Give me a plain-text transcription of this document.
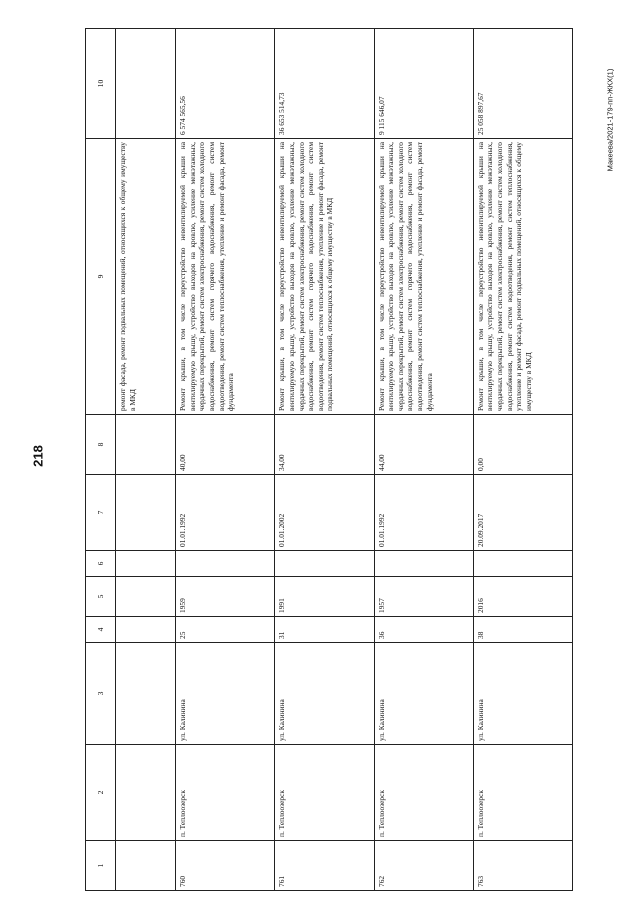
218
Макеева/2021-179-пп-ЖКХ(1)
1	2	3	4	5	6	7	8	9	10
								ремонт фасада, ремонт подвальных помещений, относящихся к общему имуществу в МКД	
760	п. Теплоозерск	ул. Калинина	25	1959		01.01.1992	40,00	Ремонт крыши, в том числе переустройство невентилируемой крыши на вентилируемую крышу, устройство выходов на кровлю, усиление межэтажных, чердачных перекрытий, ремонт систем электроснабжения, ремонт систем холодного водоснабжения, ремонт систем горячего водоснабжения, ремонт систем водоотведения, ремонт систем теплоснабжения, утепление и ремонт фасада, ремонт фундамента	6 574 565,56
761	п. Теплоозерск	ул. Калинина	31	1991		01.01.2002	34,00	Ремонт крыши, в том числе переустройство невентилируемой крыши на вентилируемую крышу, устройство выходов на кровлю, усиление межэтажных, чердачных перекрытий, ремонт систем электроснабжения, ремонт систем холодного водоснабжения, ремонт систем горячего водоснабжения, ремонт систем водоотведения, ремонт систем теплоснабжения, утепление и ремонт фасада, ремонт подвальных помещений, относящихся к общему имуществу в МКД	36 653 514,73
762	п. Теплоозерск	ул. Калинина	36	1957		01.01.1992	44,00	Ремонт крыши, в том числе переустройство невентилируемой крыши на вентилируемую крышу, устройство выходов на кровлю, усиление межэтажных, чердачных перекрытий, ремонт систем электроснабжения, ремонт систем холодного водоснабжения, ремонт систем горячего водоснабжения, ремонт систем водоотведения, ремонт систем теплоснабжения, утепление и ремонт фасада, ремонт фундамента	9 115 646,07
763	п. Теплоозерск	ул. Калинина	38	2016		20.09.2017	0,00	Ремонт крыши, в том числе переустройство невентилируемой крыши на вентилируемую крышу, устройство выходов на кровлю, усиление межэтажных, чердачных перекрытий, ремонт систем электроснабжения, ремонт систем холодного водоснабжения, ремонт систем водоотведения, ремонт систем теплоснабжения, утепление и ремонт фасада, ремонт подвальных помещений, относящихся к общему имуществу в МКД	25 058 897,67
